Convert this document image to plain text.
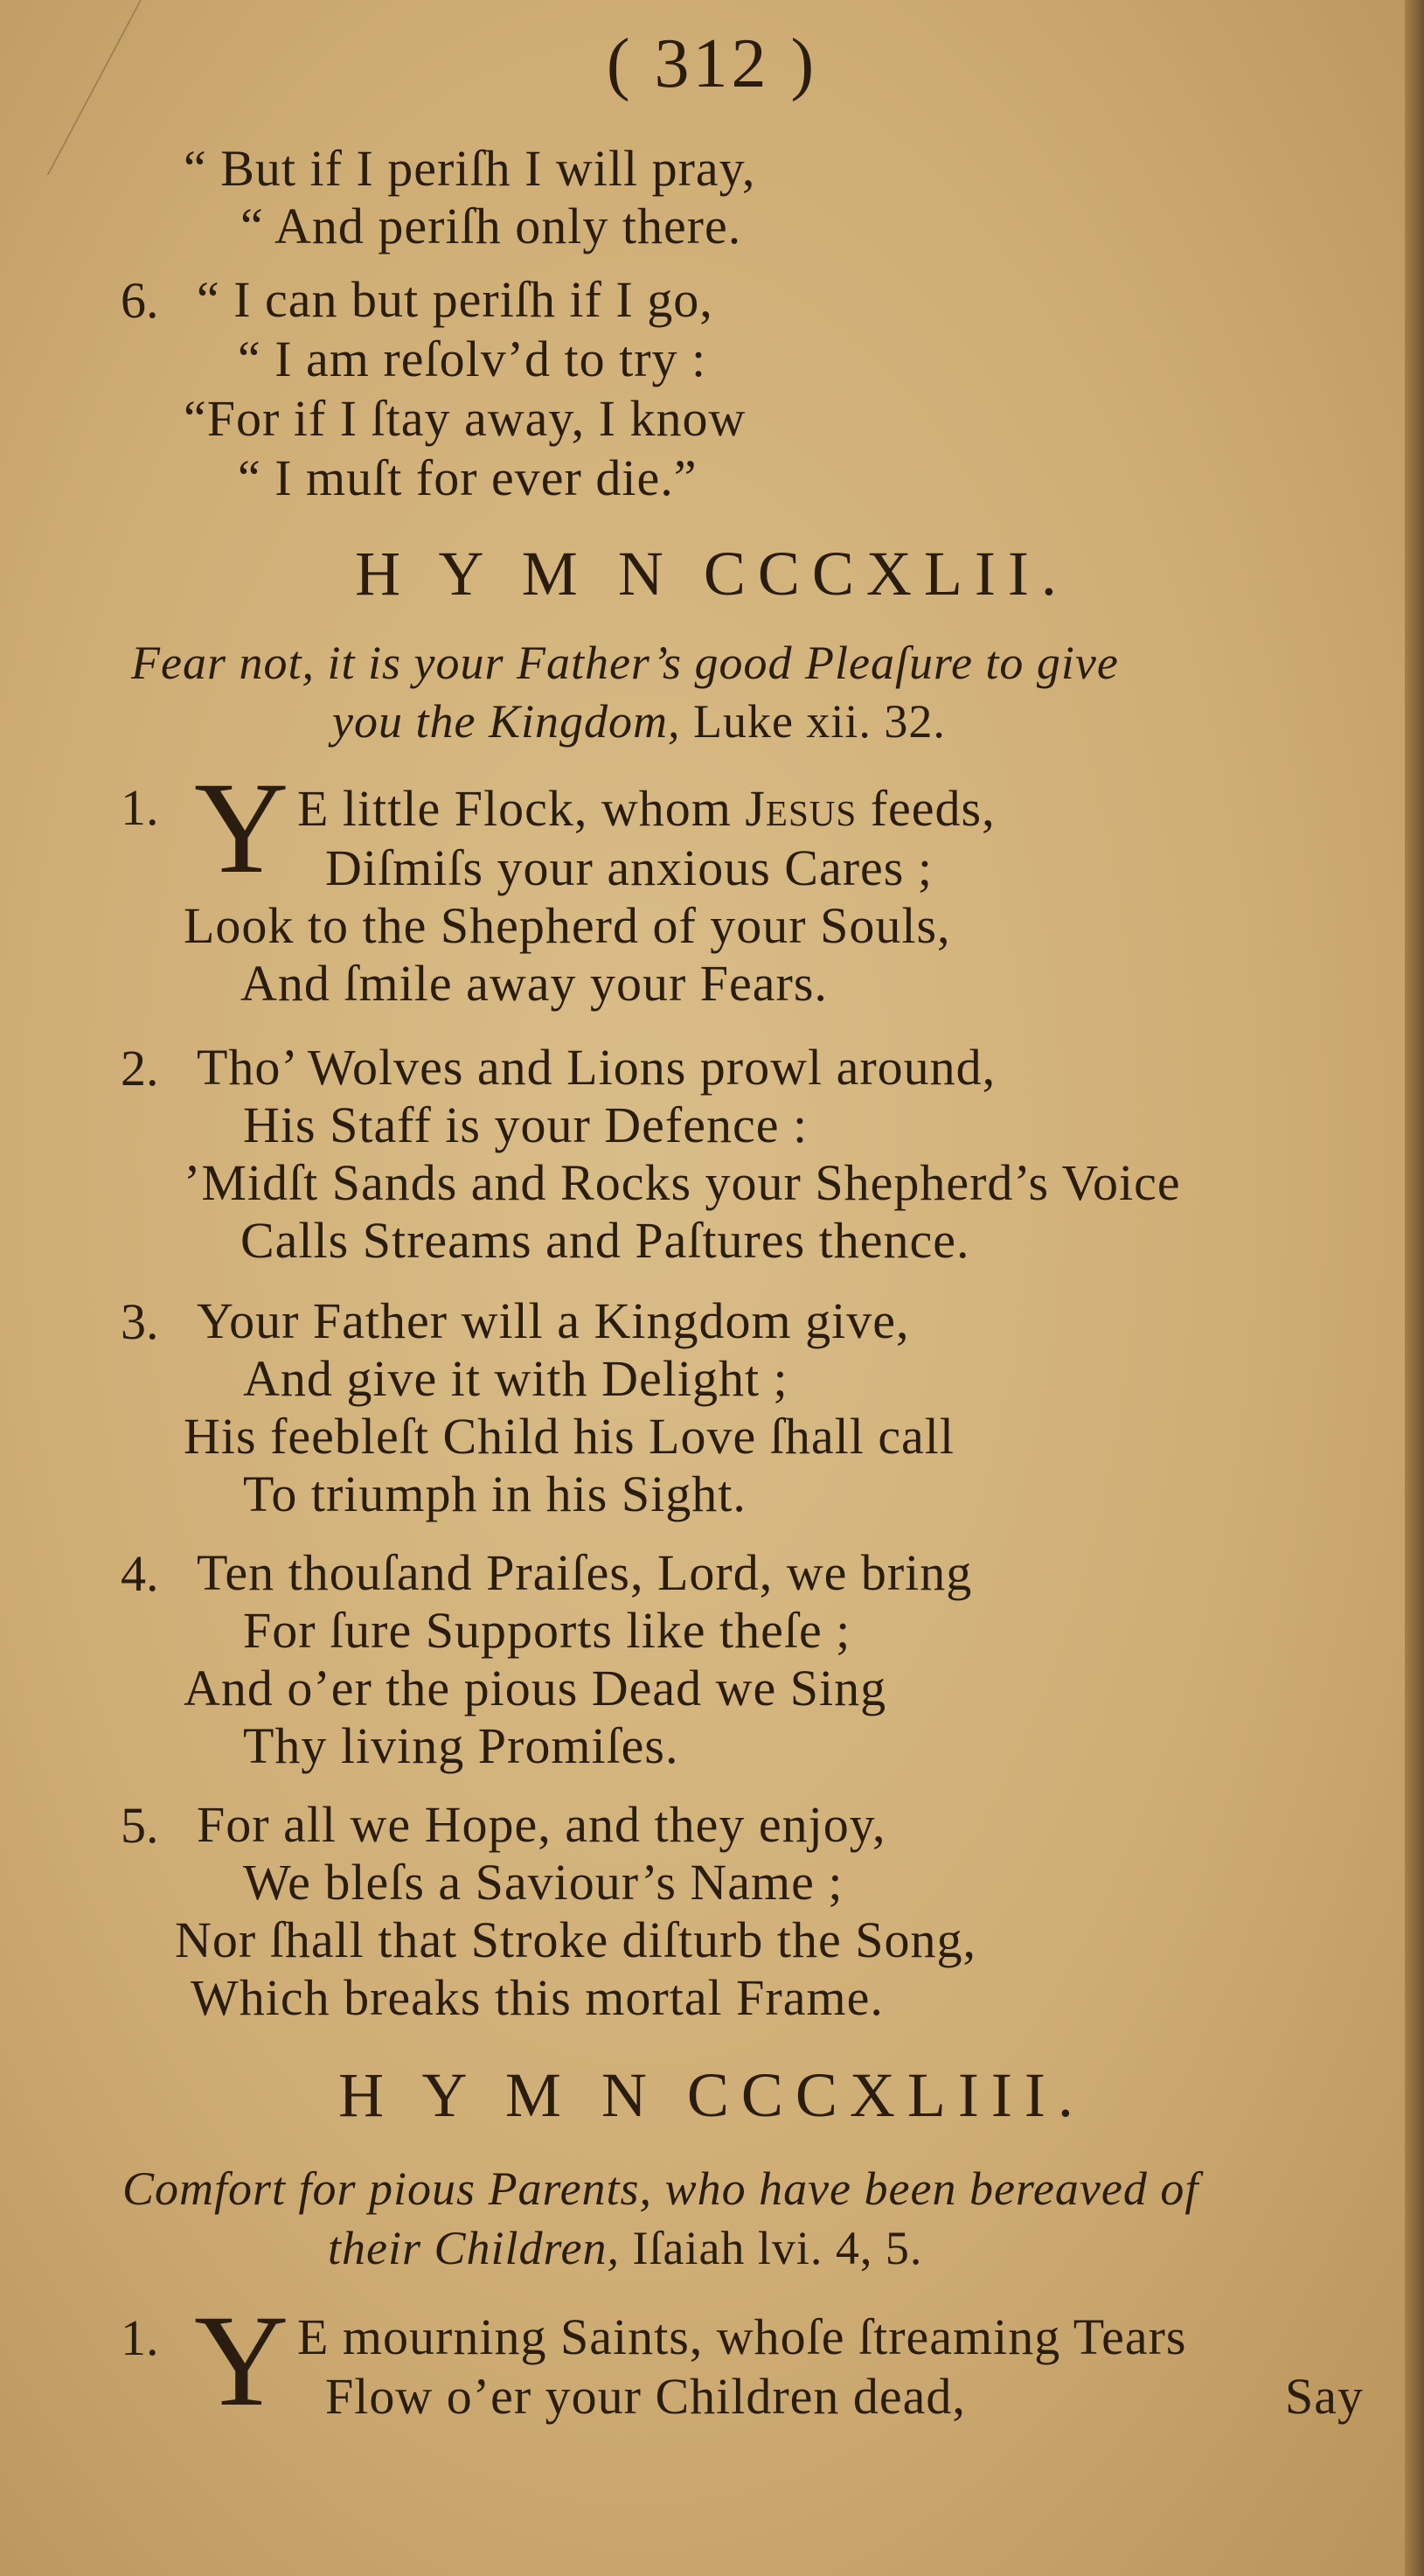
( 312 )
“ But if I periſh I will pray,
“ And periſh only there.
6. “ I can but periſh if I go,
“ I am reſolv’d to try :
“For if I ſtay away, I know
“ I muſt for ever die.”
H Y M N CCCXLII.
Fear not, it is your Father’s good Pleaſure to give
you the Kingdom, Luke xii. 32.
1. Y E little Flock, whom Jesus feeds,
Diſmiſs your anxious Cares ;
Look to the Shepherd of your Souls,
And ſmile away your Fears.
2. Tho’ Wolves and Lions prowl around,
His Staff is your Defence :
’Midſt Sands and Rocks your Shepherd’s Voice
Calls Streams and Paſtures thence.
3. Your Father will a Kingdom give,
And give it with Delight ;
His feebleſt Child his Love ſhall call
To triumph in his Sight.
4. Ten thouſand Praiſes, Lord, we bring
For ſure Supports like theſe ;
And o’er the pious Dead we Sing
Thy living Promiſes.
5. For all we Hope, and they enjoy,
We bleſs a Saviour’s Name ;
Nor ſhall that Stroke diſturb the Song,
Which breaks this mortal Frame.
H Y M N CCCXLIII.
Comfort for pious Parents, who have been bereaved of
their Children, Iſaiah lvi. 4, 5.
1. Y E mourning Saints, whoſe ſtreaming Tears
Flow o’er your Children dead,	Say
